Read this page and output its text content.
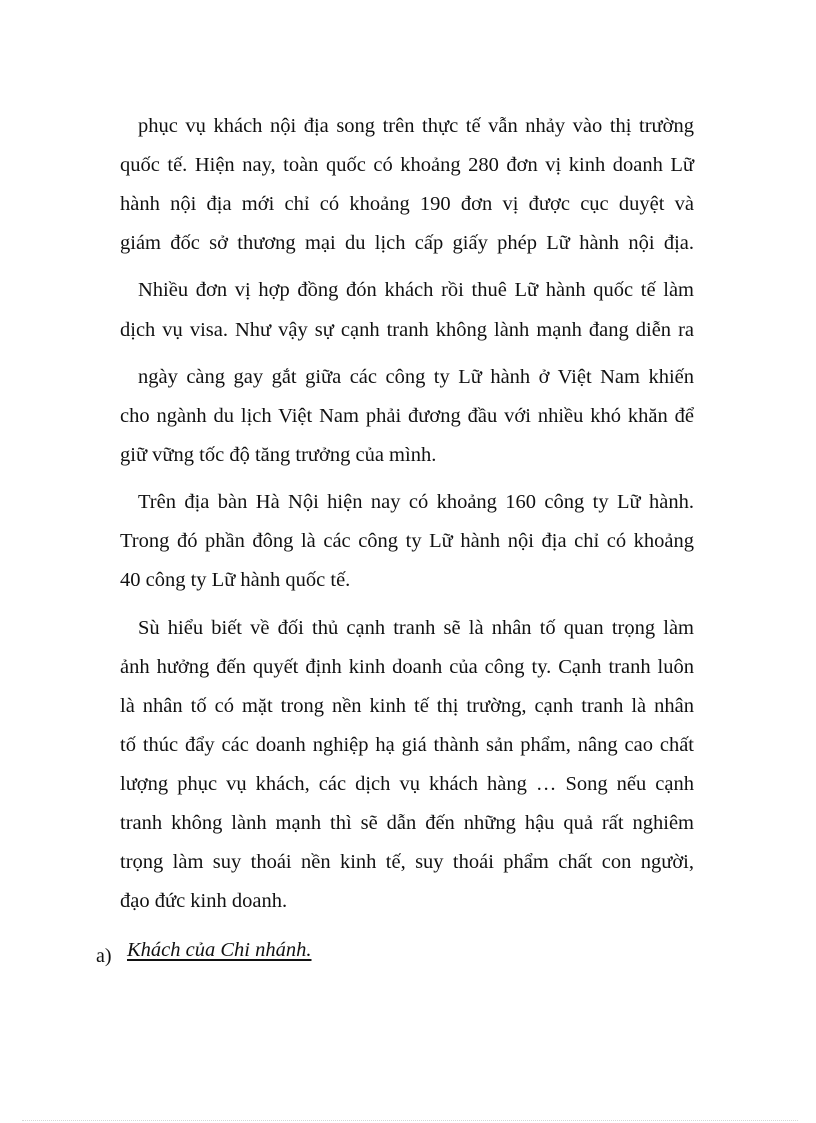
phục vụ khách nội địa song trên thực tế vẫn nhảy vào thị trường
quốc tế. Hiện nay, toàn quốc có khoảng 280 đơn vị kinh doanh Lữ
hành nội địa mới chỉ có khoảng 190 đơn vị được cục duyệt và
giám đốc sở thương mại du lịch cấp giấy phép Lữ hành nội địa.
Nhiều đơn vị hợp đồng đón khách rồi thuê Lữ hành quốc tế làm
dịch vụ visa. Như vậy sự cạnh tranh không lành mạnh đang diễn ra
ngày càng gay gắt giữa các công ty Lữ hành ở Việt Nam khiến
cho ngành du lịch Việt Nam phải đương đầu với nhiều khó khăn để
giữ vững tốc độ tăng trưởng của mình.
Trên địa bàn Hà Nội hiện nay có khoảng 160 công ty Lữ hành.
Trong đó phần đông là các công ty Lữ hành nội địa chỉ có khoảng
40 công ty Lữ hành quốc tế.
Sù hiểu biết về đối thủ cạnh tranh sẽ là nhân tố quan trọng làm
ảnh hưởng đến quyết định kinh doanh của công ty. Cạnh tranh luôn
là nhân tố có mặt trong nền kinh tế thị trường, cạnh tranh là nhân
tố thúc đẩy các doanh nghiệp hạ giá thành sản phẩm, nâng cao chất
lượng phục vụ khách, các dịch vụ khách hàng … Song nếu cạnh
tranh không lành mạnh thì sẽ dẫn đến những hậu quả rất nghiêm
trọng làm suy thoái nền kinh tế, suy thoái phẩm chất con người,
đạo đức kinh doanh.
a) Khách của Chi nhánh.
